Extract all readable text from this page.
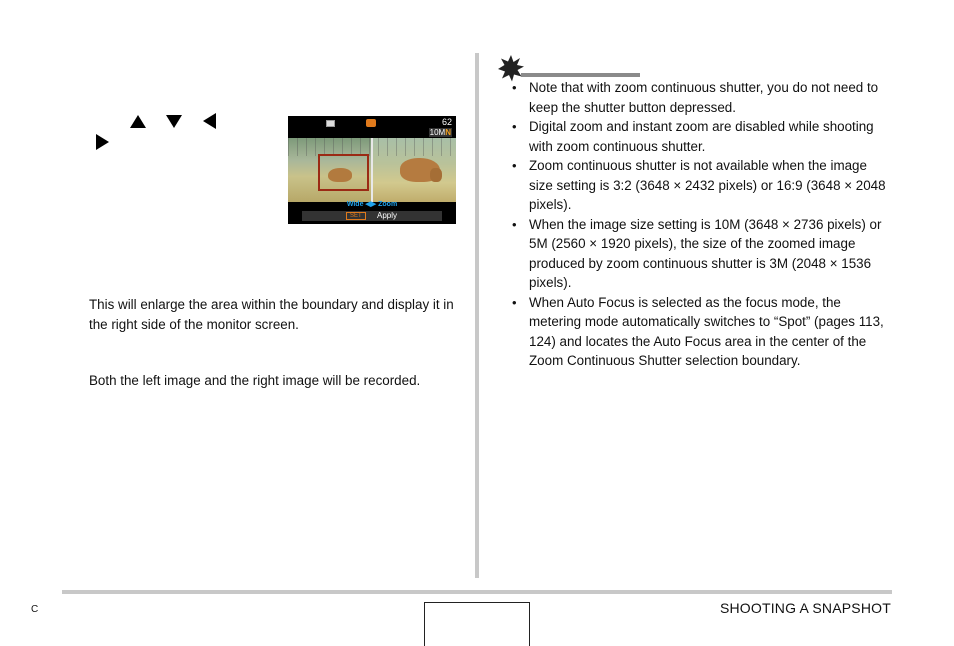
62
10MN
Wide ◀▶ Zoom
SET	Apply

This will enlarge the area within the boundary and display it in the right side of the monitor screen.

Both the left image and the right image will be recorded.

• Note that with zoom continuous shutter, you do not need to keep the shutter button depressed.
• Digital zoom and instant zoom are disabled while shooting with zoom continuous shutter.
• Zoom continuous shutter is not available when the image size setting is 3:2 (3648 × 2432 pixels) or 16:9 (3648 × 2048 pixels).
• When the image size setting is 10M (3648 × 2736 pixels) or 5M (2560 × 1920 pixels), the size of the zoomed image produced by zoom continuous shutter is 3M (2048 × 1536 pixels).
• When Auto Focus is selected as the focus mode, the metering mode automatically switches to “Spot” (pages 113, 124) and locates the Auto Focus area in the center of the Zoom Continuous Shutter selection boundary.
C	SHOOTING A SNAPSHOT
